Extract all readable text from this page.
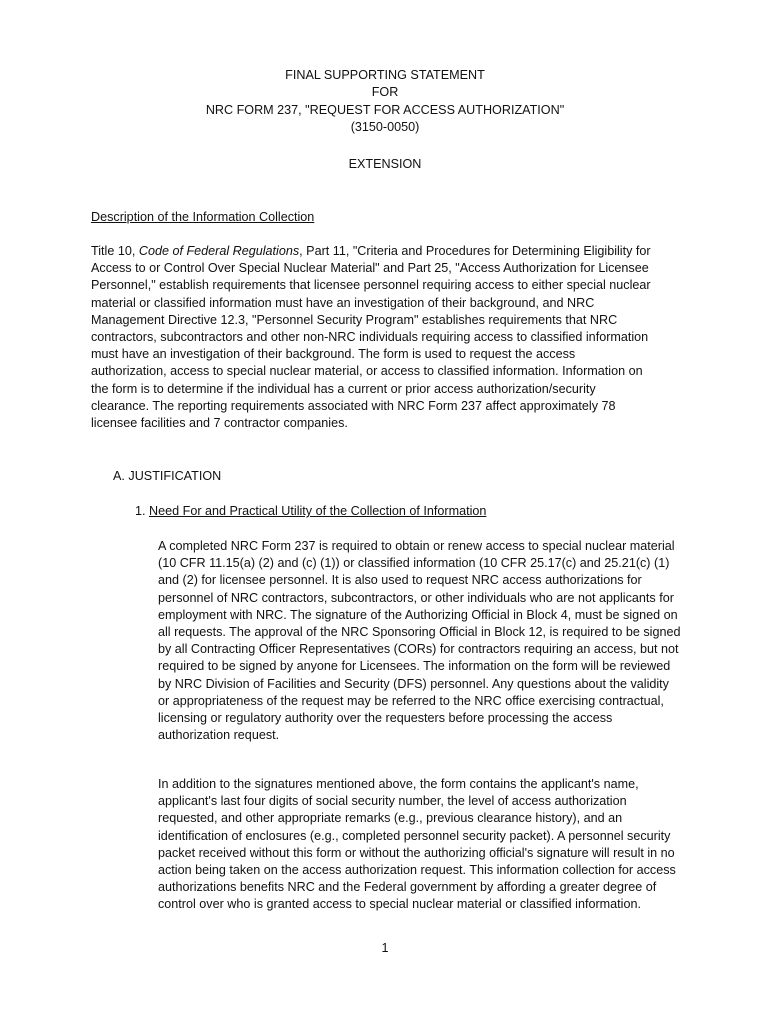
FINAL SUPPORTING STATEMENT
FOR
NRC FORM 237, "REQUEST FOR ACCESS AUTHORIZATION"
(3150-0050)
EXTENSION
Description of the Information Collection
Title 10, Code of Federal Regulations, Part 11, "Criteria and Procedures for Determining Eligibility for Access to or Control Over Special Nuclear Material" and Part 25, "Access Authorization for Licensee Personnel," establish requirements that licensee personnel requiring access to either special nuclear material or classified information must have an investigation of their background, and NRC Management Directive 12.3, "Personnel Security Program" establishes requirements that NRC contractors, subcontractors and other non-NRC individuals requiring access to classified information must have an investigation of their background. The form is used to request the access authorization, access to special nuclear material, or access to classified information. Information on the form is to determine if the individual has a current or prior access authorization/security clearance. The reporting requirements associated with NRC Form 237 affect approximately 78 licensee facilities and 7 contractor companies.
A. JUSTIFICATION
1. Need For and Practical Utility of the Collection of Information
A completed NRC Form 237 is required to obtain or renew access to special nuclear material (10 CFR 11.15(a) (2) and (c) (1)) or classified information (10 CFR 25.17(c) and 25.21(c) (1) and (2) for licensee personnel. It is also used to request NRC access authorizations for personnel of NRC contractors, subcontractors, or other individuals who are not applicants for employment with NRC. The signature of the Authorizing Official in Block 4, must be signed on all requests. The approval of the NRC Sponsoring Official in Block 12, is required to be signed by all Contracting Officer Representatives (CORs) for contractors requiring an access, but not required to be signed by anyone for Licensees. The information on the form will be reviewed by NRC Division of Facilities and Security (DFS) personnel. Any questions about the validity or appropriateness of the request may be referred to the NRC office exercising contractual, licensing or regulatory authority over the requesters before processing the access authorization request.
In addition to the signatures mentioned above, the form contains the applicant's name, applicant's last four digits of social security number, the level of access authorization requested, and other appropriate remarks (e.g., previous clearance history), and an identification of enclosures (e.g., completed personnel security packet). A personnel security packet received without this form or without the authorizing official's signature will result in no action being taken on the access authorization request. This information collection for access authorizations benefits NRC and the Federal government by affording a greater degree of control over who is granted access to special nuclear material or classified information.
1
